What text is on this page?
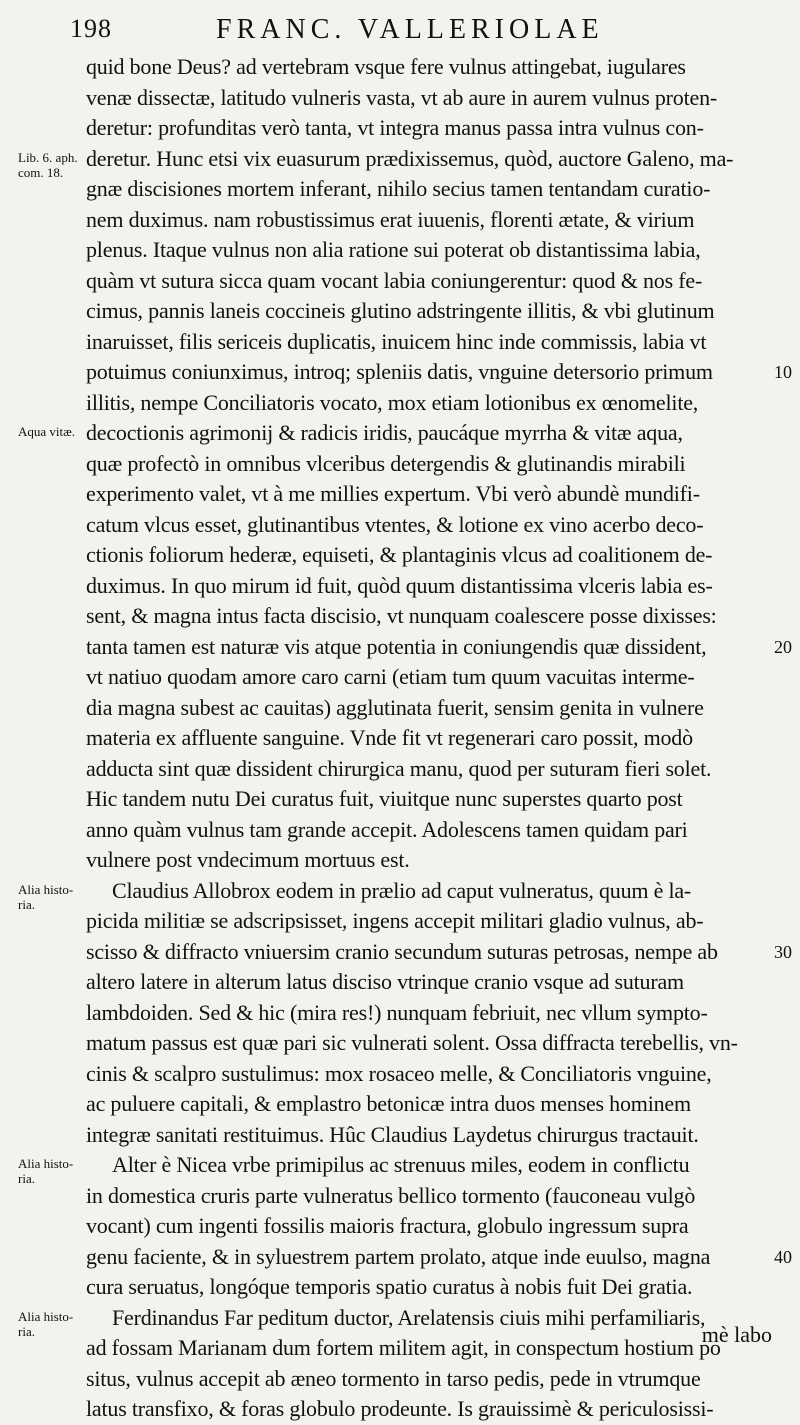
198	FRANC. VALLERIOLAE
quid bone Deus? ad vertebram vsque fere vulnus attingebat, iugulares
venæ dissectæ, latitudo vulneris vasta, vt ab aure in aurem vulnus proten-
deretur: profunditas verò tanta, vt integra manus passa intra vulnus con-
deretur. Hunc etsi vix euasurum prædixissemus, quòd, auctore Galeno, ma-
gnæ discisiones mortem inferant, nihilo secius tamen tentandam curatio-
nem duximus. nam robustissimus erat iuuenis, florenti ætate, & virium
plenus. Itaque vulnus non alia ratione sui poterat ob distantissima labia,
quàm vt sutura sicca quam vocant labia coniungerentur: quod & nos fe-
cimus, pannis laneis coccineis glutino adstringente illitis, & vbi glutinum
inaruisset, filis sericeis duplicatis, inuicem hinc inde commissis, labia vt
potuimus coniunximus, introq; spleniis datis, vnguine detersorio primum
illitis, nempe Conciliatoris vocato, mox etiam lotionibus ex œnomelite,
decoctionis agrimonij & radicis iridis, paucáque myrrha & vitæ aqua,
quæ profectò in omnibus vlceribus detergendis & glutinandis mirabili
experimento valet, vt à me millies expertum. Vbi verò abundè mundifi-
catum vlcus esset, glutinantibus vtentes, & lotione ex vino acerbo deco-
ctionis foliorum hederæ, equiseti, & plantaginis vlcus ad coalitionem de-
duximus. In quo mirum id fuit, quòd quum distantissima vlceris labia es-
sent, & magna intus facta discisio, vt nunquam coalescere posse dixisses:
tanta tamen est naturæ vis atque potentia in coniungendis quæ dissident,
vt natiuo quodam amore caro carni (etiam tum quum vacuitas interme-
dia magna subest ac cauitas) agglutinata fuerit, sensim genita in vulnere
materia ex affluente sanguine. Vnde fit vt regenerari caro possit, modò
adducta sint quæ dissident chirurgica manu, quod per suturam fieri solet.
Hic tandem nutu Dei curatus fuit, viuitque nunc superstes quarto post
anno quàm vulnus tam grande accepit. Adolescens tamen quidam pari
vulnere post vndecimum mortuus est.
Claudius Allobrox eodem in prælio ad caput vulneratus, quum è la-
picida militiæ se adscripsisset, ingens accepit militari gladio vulnus, ab-
scisso & diffracto vniuersim cranio secundum suturas petrosas, nempe ab
altero latere in alterum latus disciso vtrinque cranio vsque ad suturam
lambdoiden. Sed & hic (mira res!) nunquam febriuit, nec vllum sympto-
matum passus est quæ pari sic vulnerati solent. Ossa diffracta terebellis, vn-
cinis & scalpro sustulimus: mox rosaceo melle, & Conciliatoris vnguine,
ac puluere capitali, & emplastro betonicæ intra duos menses hominem
integræ sanitati restituimus. Hûc Claudius Laydetus chirurgus tractauit.
Alter è Nicea vrbe primipilus ac strenuus miles, eodem in conflictu
in domestica cruris parte vulneratus bellico tormento (fauconeau vulgò
vocant) cum ingenti fossilis maioris fractura, globulo ingressum supra
genu faciente, & in syluestrem partem prolato, atque inde euulso, magna
cura seruatus, longóque temporis spatio curatus à nobis fuit Dei gratia.
Ferdinandus Far peditum ductor, Arelatensis ciuis mihi perfamiliaris,
ad fossam Marianam dum fortem militem agit, in conspectum hostium po
situs, vulnus accepit ab æneo tormento in tarso pedis, pede in vtrumque
latus transfixo, & foras globulo prodeunte. Is grauissimè & periculosissi-
Lib. 6. aph. com. 18.
Aqua vitæ.
Alia histo-ria.
Alia histo-ria.
Alia histo-ria.
10
20
30
40
mè labo
